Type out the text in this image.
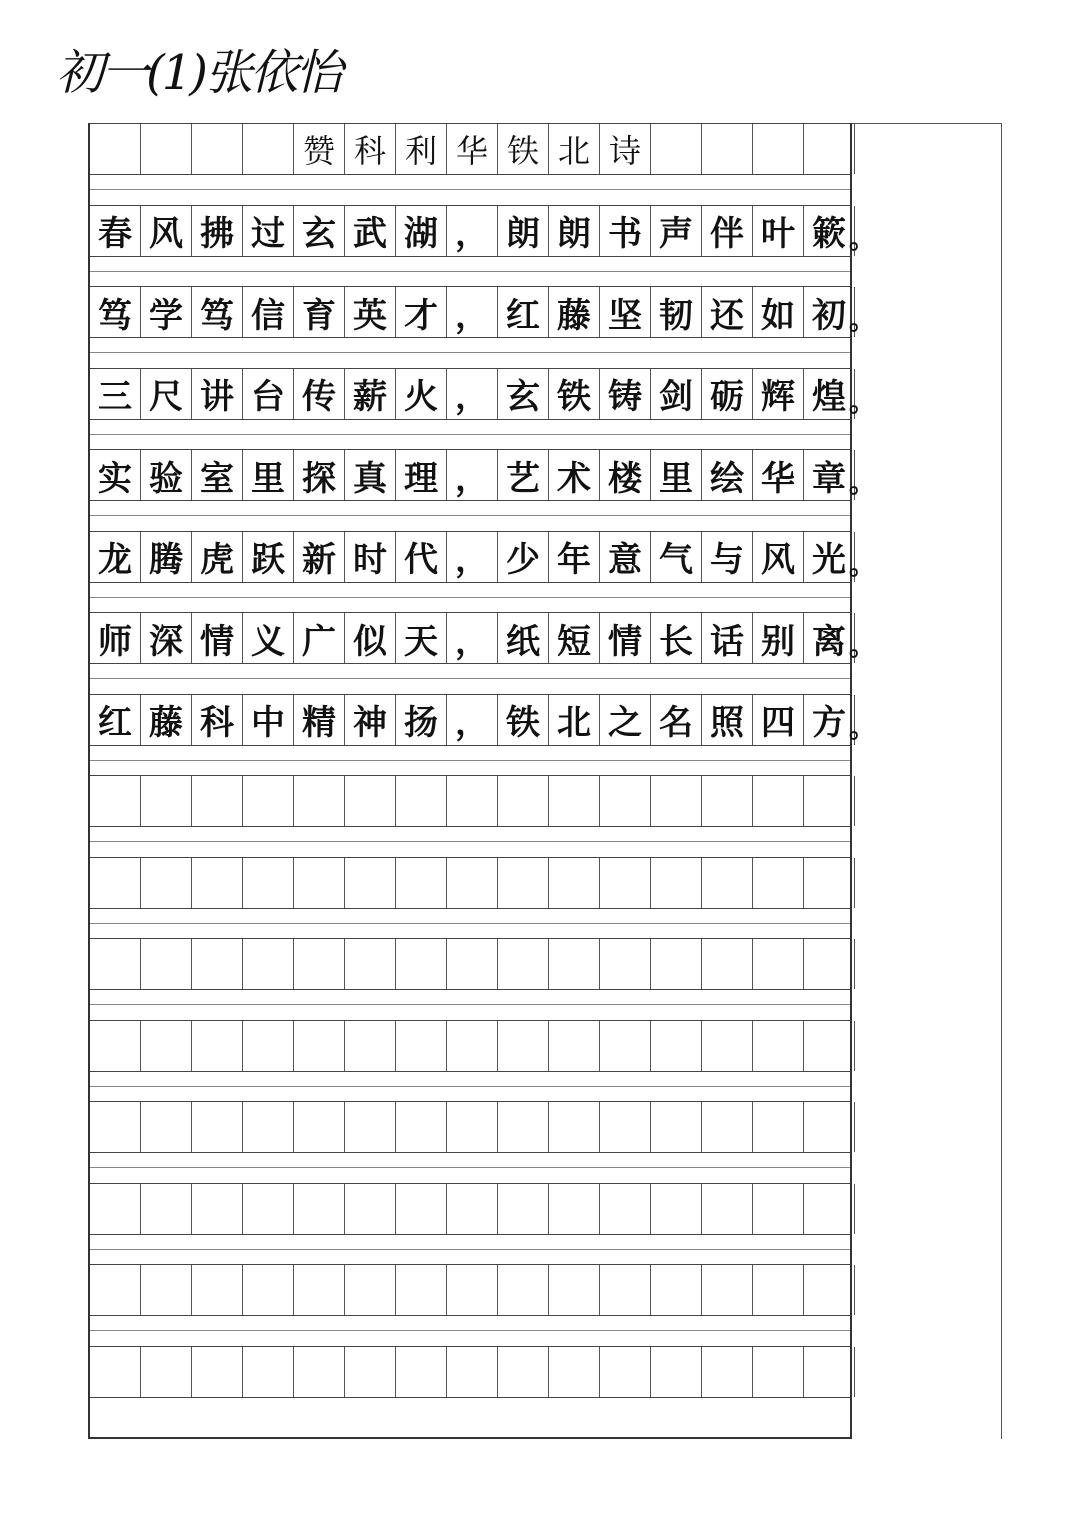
初一(1)张依怡
赞 科 利 华 铁 北 诗
春 风 拂 过 玄 武 湖 ， 朗 朗 书 声 伴 叶 簌 。
笃 学 笃 信 育 英 才 ， 红 藤 坚 韧 还 如 初 。
三 尺 讲 台 传 薪 火 ， 玄 铁 铸 剑 砺 辉 煌 。
实 验 室 里 探 真 理 ， 艺 术 楼 里 绘 华 章 。
龙 腾 虎 跃 新 时 代 ， 少 年 意 气 与 风 光 。
师 深 情 义 广 似 天 ， 纸 短 情 长 话 别 离 。
红 藤 科 中 精 神 扬 ， 铁 北 之 名 照 四 方 。
